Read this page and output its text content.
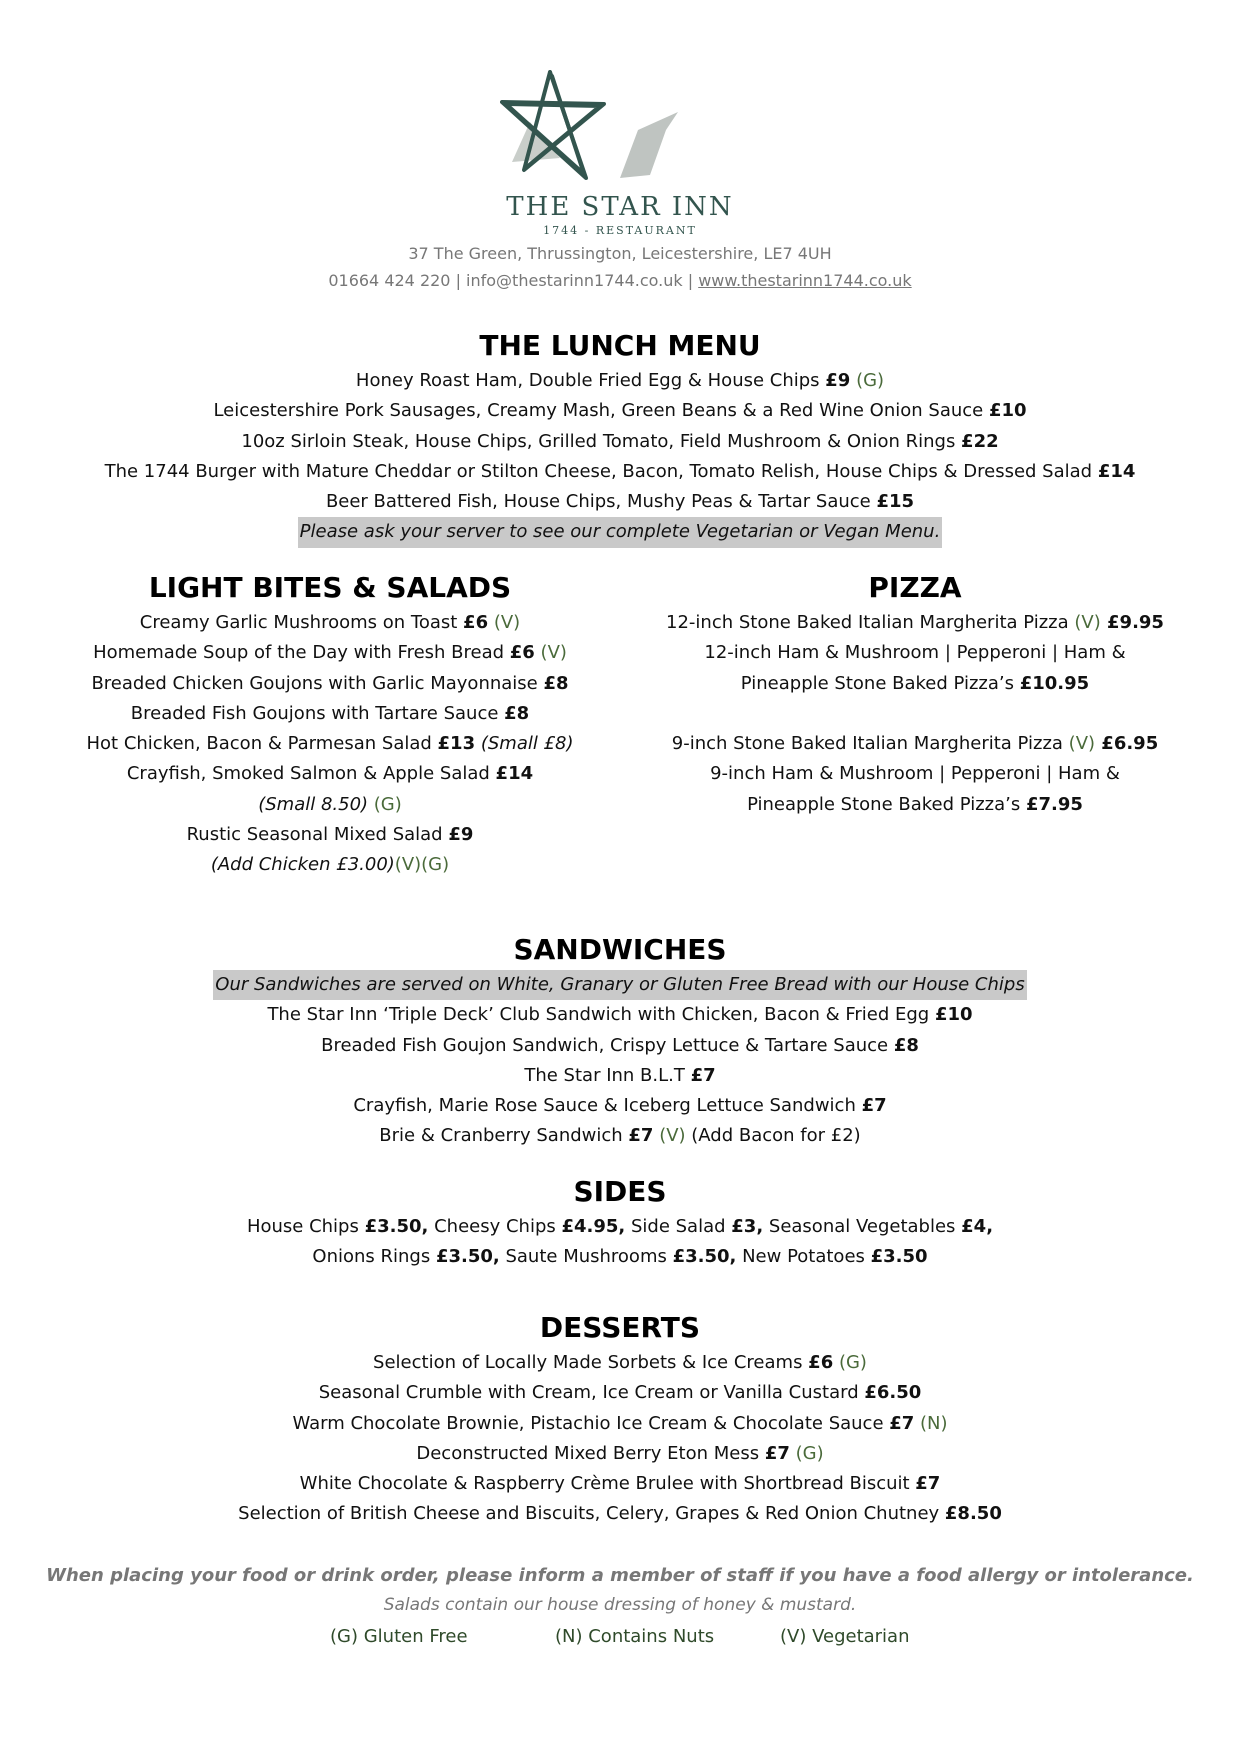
THE STAR INN
1744 - RESTAURANT
37 The Green, Thrussington, Leicestershire, LE7 4UH
01664 424 220 | info@thestarinn1744.co.uk | www.thestarinn1744.co.uk
THE LUNCH MENU
Honey Roast Ham, Double Fried Egg & House Chips £9 (G)
Leicestershire Pork Sausages, Creamy Mash, Green Beans & a Red Wine Onion Sauce £10
10oz Sirloin Steak, House Chips, Grilled Tomato, Field Mushroom & Onion Rings £22
The 1744 Burger with Mature Cheddar or Stilton Cheese, Bacon, Tomato Relish, House Chips & Dressed Salad £14
Beer Battered Fish, House Chips, Mushy Peas & Tartar Sauce £15
Please ask your server to see our complete Vegetarian or Vegan Menu.
LIGHT BITES & SALADS
Creamy Garlic Mushrooms on Toast £6 (V)
Homemade Soup of the Day with Fresh Bread £6 (V)
Breaded Chicken Goujons with Garlic Mayonnaise £8
Breaded Fish Goujons with Tartare Sauce £8
Hot Chicken, Bacon & Parmesan Salad £13 (Small £8)
Crayfish, Smoked Salmon & Apple Salad £14
(Small 8.50) (G)
Rustic Seasonal Mixed Salad £9
(Add Chicken £3.00)(V)(G)
PIZZA
12-inch Stone Baked Italian Margherita Pizza (V) £9.95
12-inch Ham & Mushroom | Pepperoni | Ham &
Pineapple Stone Baked Pizza’s £10.95

9-inch Stone Baked Italian Margherita Pizza (V) £6.95
9-inch Ham & Mushroom | Pepperoni | Ham &
Pineapple Stone Baked Pizza’s £7.95
SANDWICHES
Our Sandwiches are served on White, Granary or Gluten Free Bread with our House Chips
The Star Inn ‘Triple Deck’ Club Sandwich with Chicken, Bacon & Fried Egg £10
Breaded Fish Goujon Sandwich, Crispy Lettuce & Tartare Sauce £8
The Star Inn B.L.T £7
Crayfish, Marie Rose Sauce & Iceberg Lettuce Sandwich £7
Brie & Cranberry Sandwich £7 (V) (Add Bacon for £2)
SIDES
House Chips £3.50, Cheesy Chips £4.95, Side Salad £3, Seasonal Vegetables £4,
Onions Rings £3.50, Saute Mushrooms £3.50, New Potatoes £3.50
DESSERTS
Selection of Locally Made Sorbets & Ice Creams £6 (G)
Seasonal Crumble with Cream, Ice Cream or Vanilla Custard £6.50
Warm Chocolate Brownie, Pistachio Ice Cream & Chocolate Sauce £7 (N)
Deconstructed Mixed Berry Eton Mess £7 (G)
White Chocolate & Raspberry Crème Brulee with Shortbread Biscuit £7
Selection of British Cheese and Biscuits, Celery, Grapes & Red Onion Chutney £8.50
When placing your food or drink order, please inform a member of staff if you have a food allergy or intolerance.
Salads contain our house dressing of honey & mustard.
(G) Gluten Free	(N) Contains Nuts	(V) Vegetarian
